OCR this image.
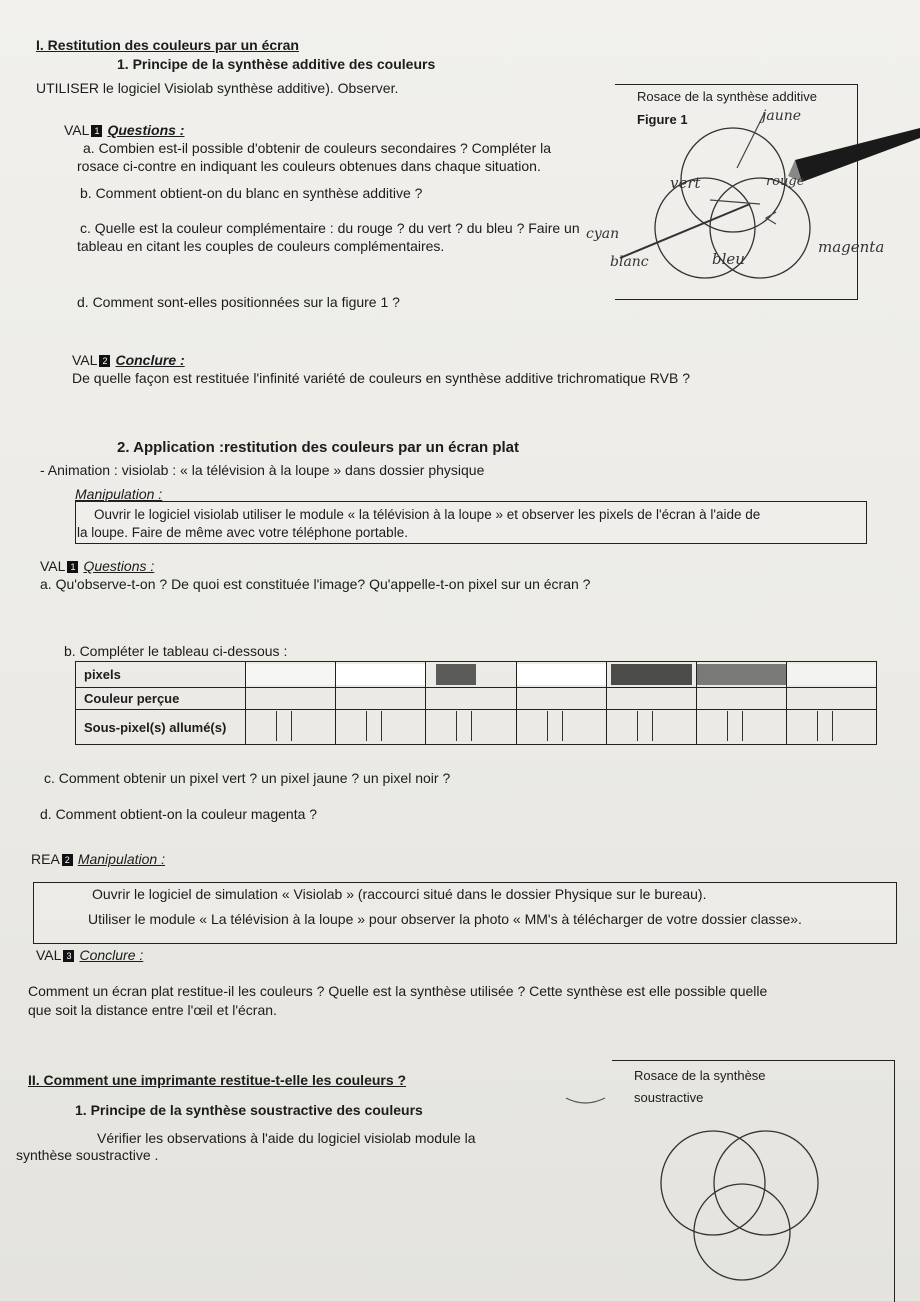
I. Restitution des couleurs par un écran
1. Principe de la synthèse additive des couleurs
UTILISER le logiciel Visiolab synthèse additive). Observer.
VAL 1 Questions :
a. Combien est-il possible d'obtenir de couleurs secondaires ? Compléter la
rosace ci-contre en indiquant les couleurs obtenues dans chaque situation.
b. Comment obtient-on du blanc en synthèse additive ?
c. Quelle est la couleur complémentaire : du rouge ? du vert ? du bleu ? Faire un
tableau en citant les couples de couleurs complémentaires.
d. Comment sont-elles positionnées sur la figure 1 ?
Rosace de la synthèse additive
Figure 1	jaune
vert	rouge
cyan
blanc	bleu
magenta
VAL 2 Conclure :
De quelle façon est restituée l'infinité variété de couleurs en synthèse additive trichromatique RVB ?
2. Application :restitution des couleurs par un écran plat
- Animation : visiolab : « la télévision à la loupe » dans dossier physique
Manipulation :
Ouvrir le logiciel visiolab utiliser le module « la télévision à la loupe » et observer les pixels de l'écran à l'aide de
la loupe. Faire de même avec votre téléphone portable.
VAL 1 Questions :
a. Qu'observe-t-on ? De quoi est constituée l'image? Qu'appelle-t-on pixel sur un écran ?
b. Compléter le tableau ci-dessous :
pixels	

Couleur perçue							
Sous-pixel(s) allumé(s)							
c. Comment obtenir un pixel vert ? un pixel jaune ? un pixel noir ?
d. Comment obtient-on la couleur magenta ?
REA 2 Manipulation :
Ouvrir le logiciel de simulation « Visiolab » (raccourci situé dans le dossier Physique sur le bureau).
Utiliser le module « La télévision à la loupe » pour observer la photo « MM's à télécharger de votre dossier classe».
VAL 3 Conclure :
Comment un écran plat restitue-il les couleurs ? Quelle est la synthèse utilisée ? Cette synthèse est elle possible quelle
que soit la distance entre l'œil et l'écran.
II. Comment une imprimante restitue-t-elle les couleurs ?
1. Principe de la synthèse soustractive des couleurs
Vérifier les observations à l'aide du logiciel visiolab module la
synthèse soustractive .
Rosace de la synthèse
soustractive
